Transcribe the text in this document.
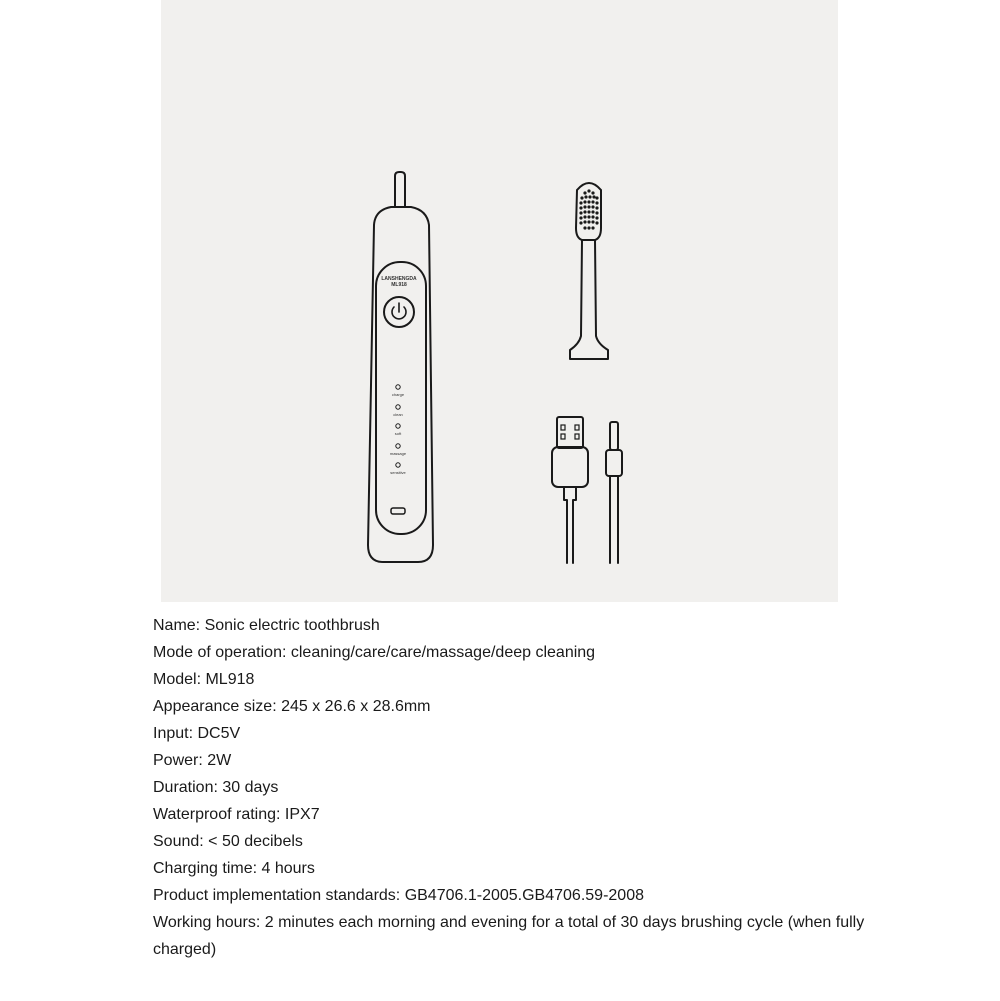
LANSHENGDA
ML918
charge
clean
soft
massage
sensitive
Name: Sonic electric toothbrush
Mode of operation: cleaning/care/care/massage/deep cleaning
Model: ML918
Appearance size: 245 x 26.6 x 28.6mm
Input: DC5V
Power: 2W
Duration: 30 days
Waterproof rating: IPX7
Sound: < 50 decibels
Charging time: 4 hours
Product implementation standards: GB4706.1-2005.GB4706.59-2008
Working hours: 2 minutes each morning and evening for a total of 30 days brushing cycle (when fully charged)
